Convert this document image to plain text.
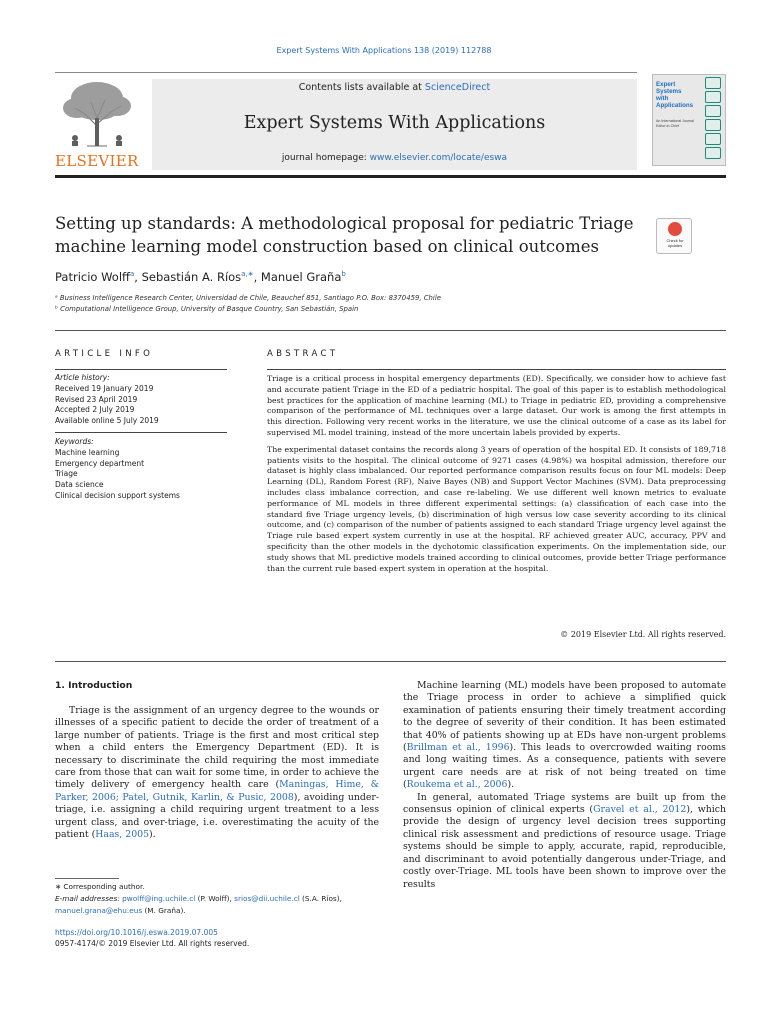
Expert Systems With Applications 138 (2019) 112788
ELSEVIER
Contents lists available at ScienceDirect
Expert Systems With Applications
journal homepage: www.elsevier.com/locate/eswa
Expert
Systems
with
Applications
An International Journal
Editor-in-Chief
Setting up standards: A methodological proposal for pediatric Triage
machine learning model construction based on clinical outcomes	Check for
updates
Patricio Wolff$^a$, Sebastián A. Ríos$^{a,∗}$, Manuel Graña$^b$
ᵃ Business Intelligence Research Center, Universidad de Chile, Beauchef 851, Santiago P.O. Box: 8370459, Chile
ᵇ Computational Intelligence Group, University of Basque Country, San Sebastián, Spain
ARTICLE INFO	ABSTRACT
Article history:
Received 19 January 2019
Revised 23 April 2019
Accepted 2 July 2019
Available online 5 July 2019
Keywords:
Machine learning
Emergency department
Triage
Data science
Clinical decision support systems

Triage is a critical process in hospital emergency departments (ED). Specifically, we consider how to achieve fast and accurate patient Triage in the ED of a pediatric hospital. The goal of this paper is to establish methodological best practices for the application of machine learning (ML) to Triage in pediatric ED, providing a comprehensive comparison of the performance of ML techniques over a large dataset. Our work is among the first attempts in this direction. Following very recent works in the literature, we use the clinical outcome of a case as its label for supervised ML model training, instead of the more uncertain labels provided by experts.

The experimental dataset contains the records along 3 years of operation of the hospital ED. It consists of 189,718 patients visits to the hospital. The clinical outcome of 9271 cases (4.98%) wa hospital admission, therefore our dataset is highly class imbalanced. Our reported performance comparison results focus on four ML models: Deep Learning (DL), Random Forest (RF), Naive Bayes (NB) and Support Vector Machines (SVM). Data preprocessing includes class imbalance correction, and case re-labeling. We use different well known metrics to evaluate performance of ML models in three different experimental settings: (a) classification of each case into the standard five Triage urgency levels, (b) discrimination of high versus low case severity according to its clinical outcome, and (c) comparison of the number of patients assigned to each standard Triage urgency level against the Triage rule based expert system currently in use at the hospital. RF achieved greater AUC, accuracy, PPV and specificity than the other models in the dychotomic classification experiments. On the implementation side, our study shows that ML predictive models trained according to clinical outcomes, provide better Triage performance than the current rule based expert system in operation at the hospital.

© 2019 Elsevier Ltd. All rights reserved.
1. Introduction

Triage is the assignment of an urgency degree to the wounds or illnesses of a specific patient to decide the order of treatment of a large number of patients. Triage is the first and most critical step when a child enters the Emergency Department (ED). It is necessary to discriminate the child requiring the most immediate care from those that can wait for some time, in order to achieve the timely delivery of emergency health care (Maningas, Hime, & Parker, 2006; Patel, Gutnik, Karlin, & Pusic, 2008), avoiding under-triage, i.e. assigning a child requiring urgent treatment to a less urgent class, and over-triage, i.e. overestimating the acuity of the patient (Haas, 2005).

Machine learning (ML) models have been proposed to automate the Triage process in order to achieve a simplified quick examination of patients ensuring their timely treatment according to the degree of severity of their condition. It has been estimated that 40% of patients showing up at EDs have non-urgent problems (Brillman et al., 1996). This leads to overcrowded waiting rooms and long waiting times. As a consequence, patients with severe urgent care needs are at risk of not being treated on time (Roukema et al., 2006).

In general, automated Triage systems are built up from the consensus opinion of clinical experts (Gravel et al., 2012), which provide the design of urgency level decision trees supporting clinical risk assessment and predictions of resource usage. Triage systems should be simple to apply, accurate, rapid, reproducible, and discriminant to avoid potentially dangerous under-Triage, and costly over-Triage. ML tools have been shown to improve over the results

∗ Corresponding author.
E-mail addresses: pwolff@ing.uchile.cl (P. Wolff), srios@dii.uchile.cl (S.A. Ríos),
manuel.grana@ehu.eus (M. Graña).
https://doi.org/10.1016/j.eswa.2019.07.005
0957-4174/© 2019 Elsevier Ltd. All rights reserved.
